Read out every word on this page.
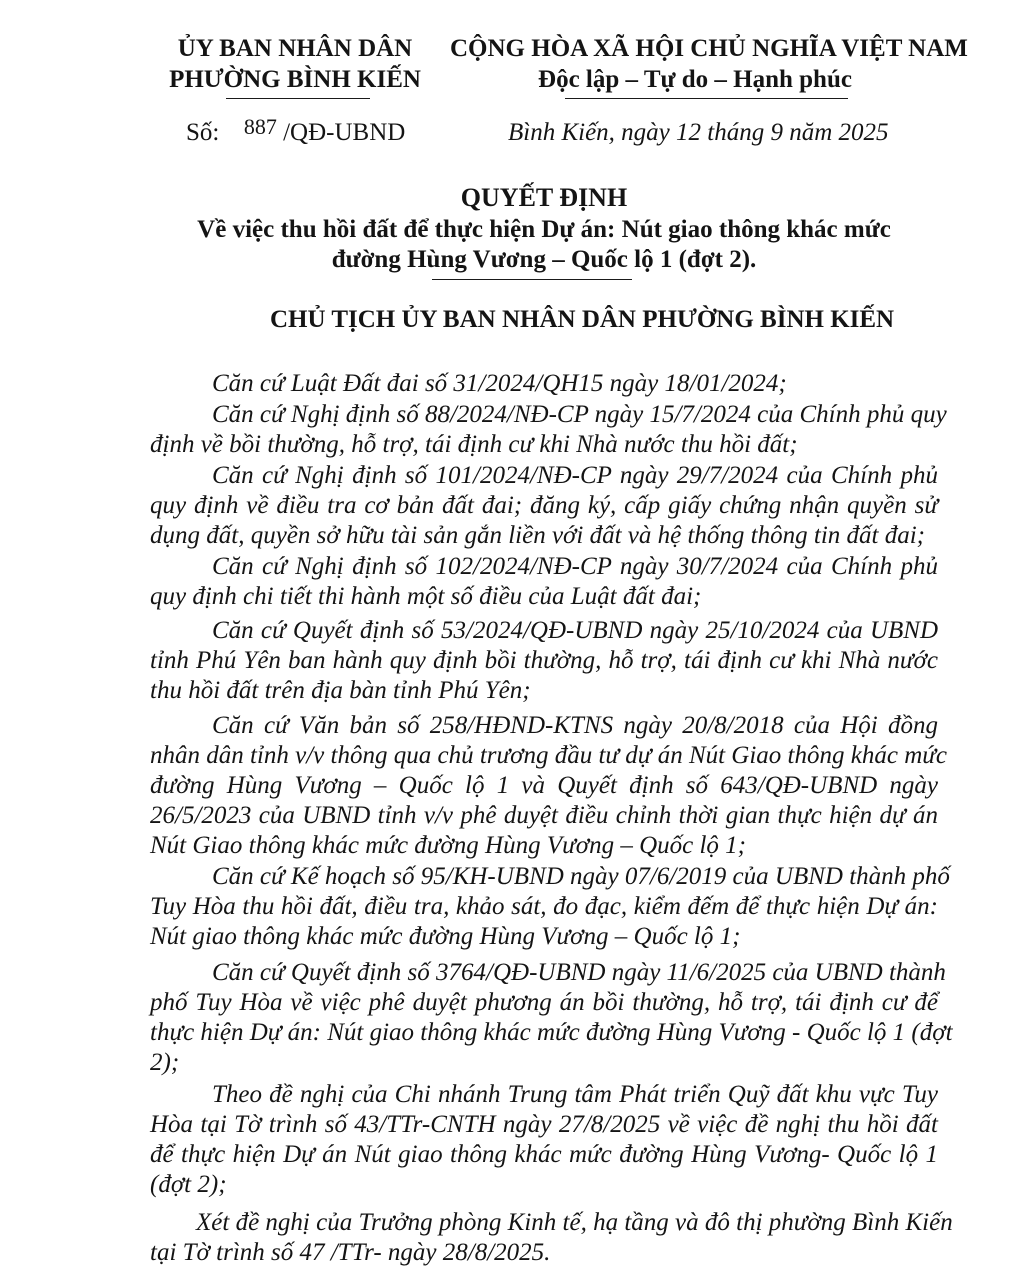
ỦY BAN NHÂN DÂN
PHƯỜNG BÌNH KIẾN
Số: 887 /QĐ-UBND
CỘNG HÒA XÃ HỘI CHỦ NGHĨA VIỆT NAM
Độc lập – Tự do – Hạnh phúc
Bình Kiến, ngày 12 tháng 9 năm 2025
QUYẾT ĐỊNH
Về việc thu hồi đất để thực hiện Dự án: Nút giao thông khác mức
đường Hùng Vương – Quốc lộ 1 (đợt 2).
CHỦ TỊCH ỦY BAN NHÂN DÂN PHƯỜNG BÌNH KIẾN
Căn cứ Luật Đất đai số 31/2024/QH15 ngày 18/01/2024;
Căn cứ Nghị định số 88/2024/NĐ-CP ngày 15/7/2024 của Chính phủ quy
định về bồi thường, hỗ trợ, tái định cư khi Nhà nước thu hồi đất;
Căn cứ Nghị định số 101/2024/NĐ-CP ngày 29/7/2024 của Chính phủ
quy định về điều tra cơ bản đất đai; đăng ký, cấp giấy chứng nhận quyền sử
dụng đất, quyền sở hữu tài sản gắn liền với đất và hệ thống thông tin đất đai;
Căn cứ Nghị định số 102/2024/NĐ-CP ngày 30/7/2024 của Chính phủ
quy định chi tiết thi hành một số điều của Luật đất đai;
Căn cứ Quyết định số 53/2024/QĐ-UBND ngày 25/10/2024 của UBND
tỉnh Phú Yên ban hành quy định bồi thường, hỗ trợ, tái định cư khi Nhà nước
thu hồi đất trên địa bàn tỉnh Phú Yên;
Căn cứ Văn bản số 258/HĐND-KTNS ngày 20/8/2018 của Hội đồng
nhân dân tỉnh v/v thông qua chủ trương đầu tư dự án Nút Giao thông khác mức
đường Hùng Vương – Quốc lộ 1 và Quyết định số 643/QĐ-UBND ngày
26/5/2023 của UBND tỉnh v/v phê duyệt điều chỉnh thời gian thực hiện dự án
Nút Giao thông khác mức đường Hùng Vương – Quốc lộ 1;
Căn cứ Kế hoạch số 95/KH-UBND ngày 07/6/2019 của UBND thành phố
Tuy Hòa thu hồi đất, điều tra, khảo sát, đo đạc, kiểm đếm để thực hiện Dự án:
Nút giao thông khác mức đường Hùng Vương – Quốc lộ 1;
Căn cứ Quyết định số 3764/QĐ-UBND ngày 11/6/2025 của UBND thành
phố Tuy Hòa về việc phê duyệt phương án bồi thường, hỗ trợ, tái định cư để
thực hiện Dự án: Nút giao thông khác mức đường Hùng Vương - Quốc lộ 1 (đợt
2);
Theo đề nghị của Chi nhánh Trung tâm Phát triển Quỹ đất khu vực Tuy
Hòa tại Tờ trình số 43/TTr-CNTH ngày 27/8/2025 về việc đề nghị thu hồi đất
để thực hiện Dự án Nút giao thông khác mức đường Hùng Vương- Quốc lộ 1
(đợt 2);
Xét đề nghị của Trưởng phòng Kinh tế, hạ tầng và đô thị phường Bình Kiến
tại Tờ trình số 47 /TTr- ngày 28/8/2025.
